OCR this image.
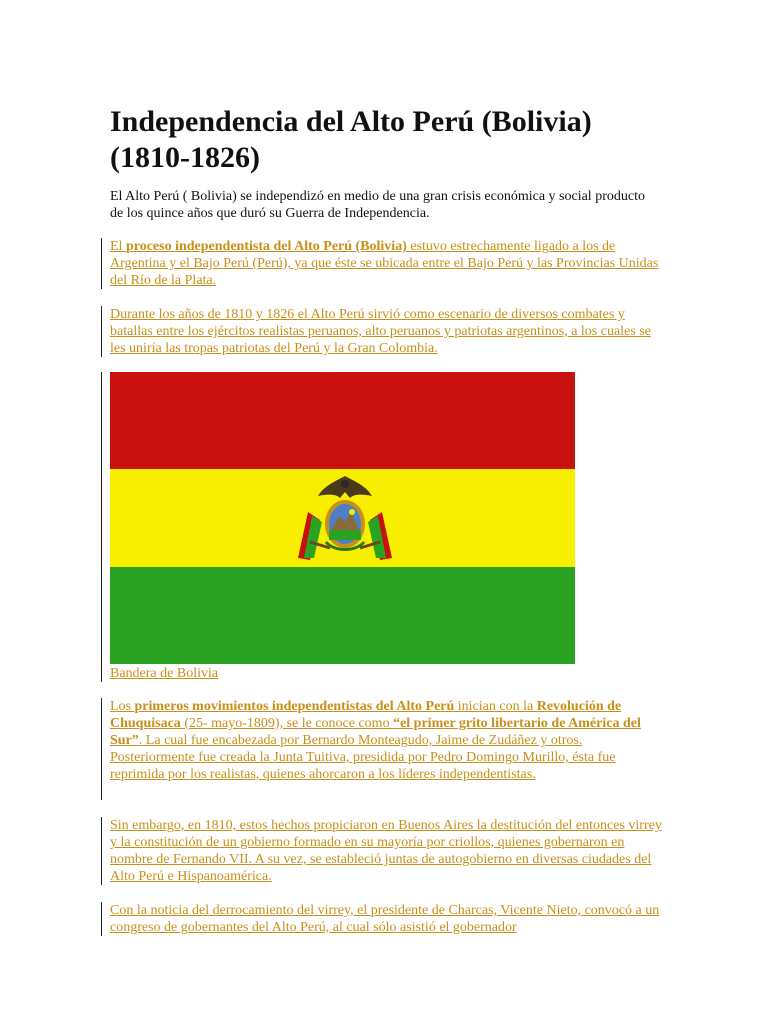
Independencia del Alto Perú (Bolivia) (1810-1826)

El Alto Perú ( Bolivia) se independizó en medio de una gran crisis económica y social producto de los quince años que duró su Guerra de Independencia.

El proceso independentista del Alto Perú (Bolivia) estuvo estrechamente ligado a los de Argentina y el Bajo Perú (Perú), ya que éste se ubicada entre el Bajo Perú y las Provincias Unidas del Río de la Plata.

Durante los años de 1810 y 1826 el Alto Perú sirvió como escenario de diversos combates y batallas entre los ejércitos realistas peruanos, alto peruanos y patriotas argentinos, a los cuales se les uniría las tropas patriotas del Perú y la Gran Colombia.

Bandera de Bolivia

Los primeros movimientos independentistas del Alto Perú inician con la Revolución de Chuquisaca (25- mayo-1809), se le conoce como “el primer grito libertario de América del Sur”. La cual fue encabezada por Bernardo Monteagudo, Jaime de Zudáñez y otros. Posteriormente fue creada la Junta Tuitiva, presidida por Pedro Domingo Murillo, ésta fue reprimida por los realistas, quienes ahorcaron a los líderes independentistas.

Sin embargo, en 1810, estos hechos propiciaron en Buenos Aires la destitución del entonces virrey y la constitución de un gobierno formado en su mayoría por criollos, quienes gobernaron en nombre de Fernando VII. A su vez, se estableció juntas de autogobierno en diversas ciudades del Alto Perú e Hispanoamérica.

Con la noticia del derrocamiento del virrey, el presidente de Charcas, Vicente Nieto, convocó a un congreso de gobernantes del Alto Perú, al cual sólo asistió el gobernador
